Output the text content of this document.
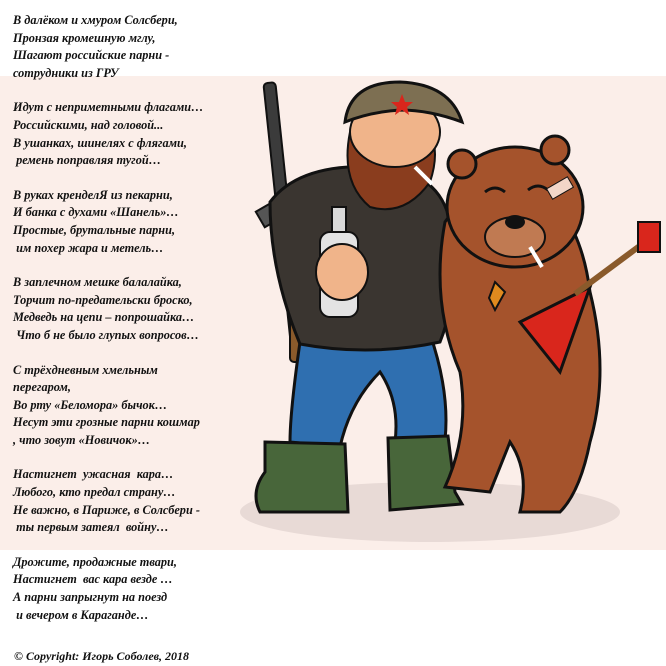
В далёком и хмуром Солсбери,
Пронзая кромешную мглу,
Шагают российские парни -
сотрудники из ГРУ
Идут с неприметными флагами…
Российскими, над головой...
В ушанках, шинелях с флягами,
ремень поправляя тугой…
В руках кренделЯ из пекарни,
И банка с духами «Шанель»…
Простые, брутальные парни,
им похер жара и метель…
В заплечном мешке балалайка,
Торчит по-предательски броско,
Медведь на цепи – попрошайка…
Что б не было глупых вопросов…
С трёхдневным хмельным
перегаром,
Во рту «Беломора» бычок…
Несут эти грозные парни кошмар
, что зовут «Новичок»…
Настигнет  ужасная  кара…
Любого, кто предал страну…
Не важно, в Париже, в Солсбери -
ты первым затеял  войну…
Дрожите, продажные твари,
Настигнет  вас кара везде …
А парни запрыгнут на поезд
и вечером в Караганде…
© Copyright: Игорь Соболев, 2018
